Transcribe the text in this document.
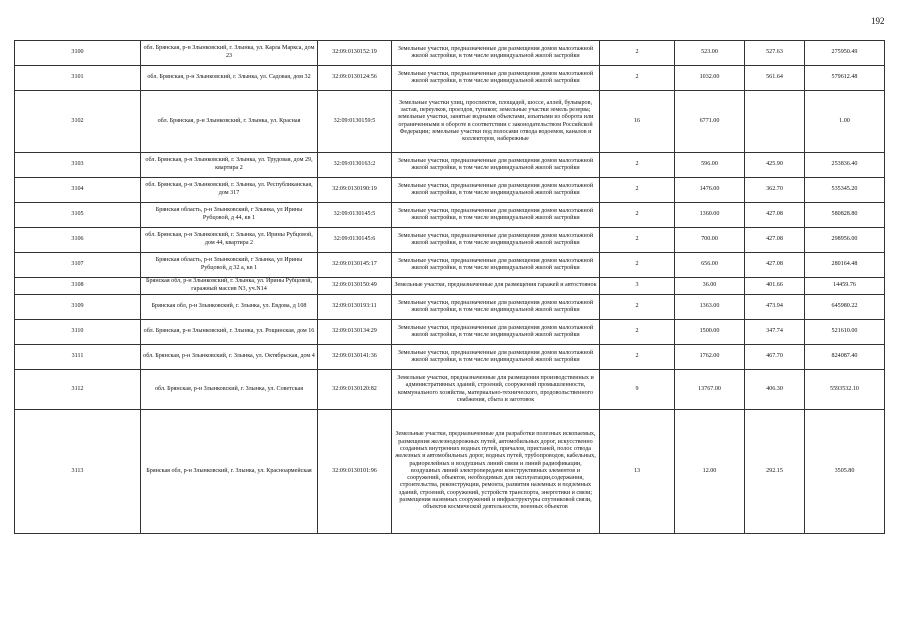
192
3100	обл. Брянская, р-н Злынковский, г. Злынка, ул. Карла Маркса, дом 23	32:09:0130152:19	Земельные участки, предназначенные для размещения домов малоэтажной жилой застройки, в том числе индивидуальной жилой застройки	2	523.00	527.63	275950.49
3101	обл. Брянская, р-н Злынковский, г. Злынка, ул. Садовая, дом 32	32:09:0130124:56	Земельные участки, предназначенные для размещения домов малоэтажной жилой застройки, в том числе индивидуальной жилой застройки	2	1032.00	561.64	579612.48
3102	обл. Брянская, р-н Злынковский, г. Злынка, ул. Красная	32:09:0130159:5	Земельные участки улиц, проспектов, площадей, шоссе, аллей, бульваров, застав, переулков, проездов, тупиков; земельные участки земель резерва; земельные участки, занятые водными объектами, изъятыми из оборота или ограниченными в обороте в соответствии с законодательством Российской Федерации; земельные участки под полосами отвода водоемов, каналов и коллекторов, набережные	16	6771.00		1.00
3103	обл. Брянская, р-н Злынковский, г. Злынка, ул. Трудовая, дом 29, квартира 2	32:09:0130163:2	Земельные участки, предназначенные для размещения домов малоэтажной жилой застройки, в том числе индивидуальной жилой застройки	2	596.00	425.90	253836.40
3104	обл. Брянская, р-н Злынковский, г. Злынка, ул. Республиканская, дом 317	32:09:0130190:19	Земельные участки, предназначенные для размещения домов малоэтажной жилой застройки, в том числе индивидуальной жилой застройки	2	1476.00	362.70	535345.20
3105	Брянская область, р-н Злынковский, г Злынка, ул Ирины Рубцовой, д 44, кв 1	32:09:0130145:5	Земельные участки, предназначенные для размещения домов малоэтажной жилой застройки, в том числе индивидуальной жилой застройки	2	1360.00	427.08	580828.80
3106	обл. Брянская, р-н Злынковский, г. Злынка, ул. Ирины Рубцовой, дом 44, квартира 2	32:09:0130145:6	Земельные участки, предназначенные для размещения домов малоэтажной жилой застройки, в том числе индивидуальной жилой застройки	2	700.00	427.08	298956.00
3107	Брянская область, р-н Злынковский, г Злынка, ул Ирины Рубцовой, д 32 а, кв 1	32:09:0130145:17	Земельные участки, предназначенные для размещения домов малоэтажной жилой застройки, в том числе индивидуальной жилой застройки	2	656.00	427.08	280164.48
3108	Брянская обл, р-н Злынковский, г. Злынка, ул. Ирины Рубцовой, гаражный массив N3, уч.N14	32:09:0130150:49	Земельные участки, предназначенные для размещения гаражей и автостоянок	3	36.00	401.66	14459.76
3109	Брянская обл, р-н Злынковский, г. Злынка, ул. Евдова, д 108	32:09:0130193:11	Земельные участки, предназначенные для размещения домов малоэтажной жилой застройки, в том числе индивидуальной жилой застройки	2	1363.00	473.94	645980.22
3110	обл. Брянская, р-н Злынковский, г. Злынка, ул. Рощинская, дом 16	32:09:0130134:29	Земельные участки, предназначенные для размещения домов малоэтажной жилой застройки, в том числе индивидуальной жилой застройки	2	1500.00	347.74	521610.00
3111	обл. Брянская, р-н Злынковский, г. Злынка, ул. Октябрьская, дом 4	32:09:0130141:36	Земельные участки, предназначенные для размещения домов малоэтажной жилой застройки, в том числе индивидуальной жилой застройки	2	1762.00	467.70	824087.40
3112	обл. Брянская, р-н Злынковский, г. Злынка, ул. Советская	32:09:0130120:82	Земельные участки, предназначенные для размещения производственных и административных зданий, строений, сооружений промышленности, коммунального хозяйства, материально-технического, продовольственного снабжения, сбыта и заготовок	9	13767.00	406.30	5593532.10
3113	Брянская обл, р-н Злынковский, г. Злынка, ул. Красноармейская	32:09:0130101:96	Земельные участки, предназначенные для разработки полезных ископаемых, размещения железнодорожных путей, автомобильных дорог, искусственно созданных внутренних водных путей, причалов, пристаней, полос отвода железных и автомобильных дорог, водных путей, трубопроводов, кабельных, радиорелейных и воздушных линий связи и линий радиофикации, воздушных линий электропередачи конструктивных элементов и сооружений, объектов, необходимых для эксплуатации,содержания, строительства, реконструкции, ремонта, развития наземных и подземных зданий, строений, сооружений, устройств транспорта, энергетики и связи; размещения наземных сооружений и инфраструктуры спутниковой связи, объектов космической деятельности, военных объектов	13	12.00	292.15	3505.80
